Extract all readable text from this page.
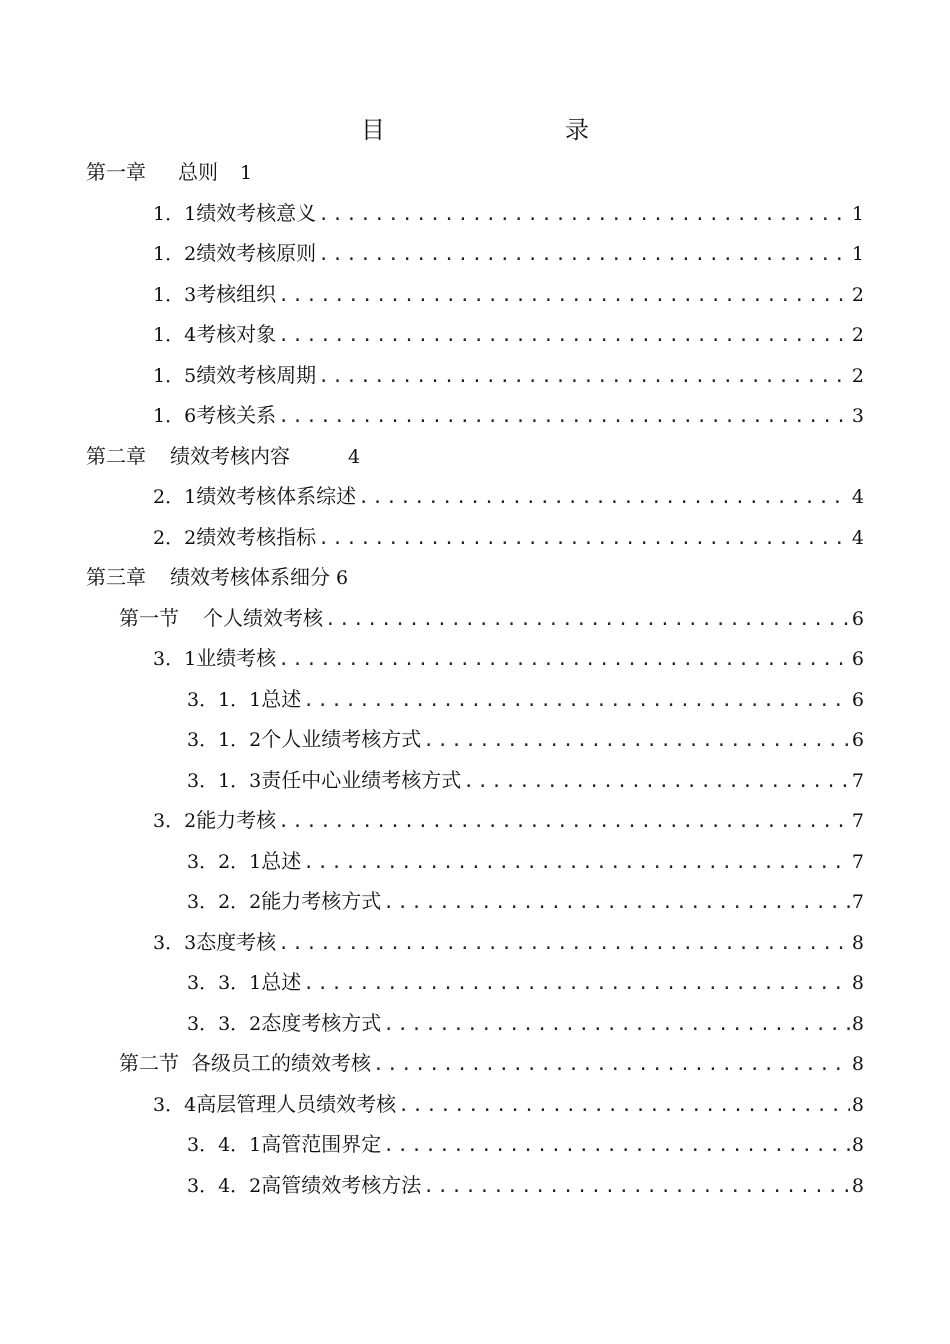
目　　录
第一章 总则 1
1．1 绩效考核意义 .....	1
1．2 绩效考核原则 .....	1
1．3 考核组织 .....	2
1．4 考核对象 .....	2
1．5 绩效考核周期 .....	2
1．6 考核关系 .....	3
第二章 绩效考核内容	4
2．1 绩效考核体系综述 .....	4
2．2 绩效考核指标 .....	4
第三章 绩效考核体系细分 6
第一节 个人绩效考核 .....	6
3．1 业绩考核 .....	6
3．1．1 总述 .....	6
3．1．2 个人业绩考核方式 .....	6
3．1．3 责任中心业绩考核方式 .....	7
3．2 能力考核 .....	7
3．2．1 总述 .....	7
3．2．2 能力考核方式 .....	7
3．3 态度考核 .....	8
3．3．1 总述 .....	8
3．3．2 态度考核方式 .....	8
第二节 各级员工的绩效考核 .....	8
3．4 高层管理人员绩效考核 .....	8
3．4．1 高管范围界定 .....	8
3．4．2 高管绩效考核方法 .....	8
